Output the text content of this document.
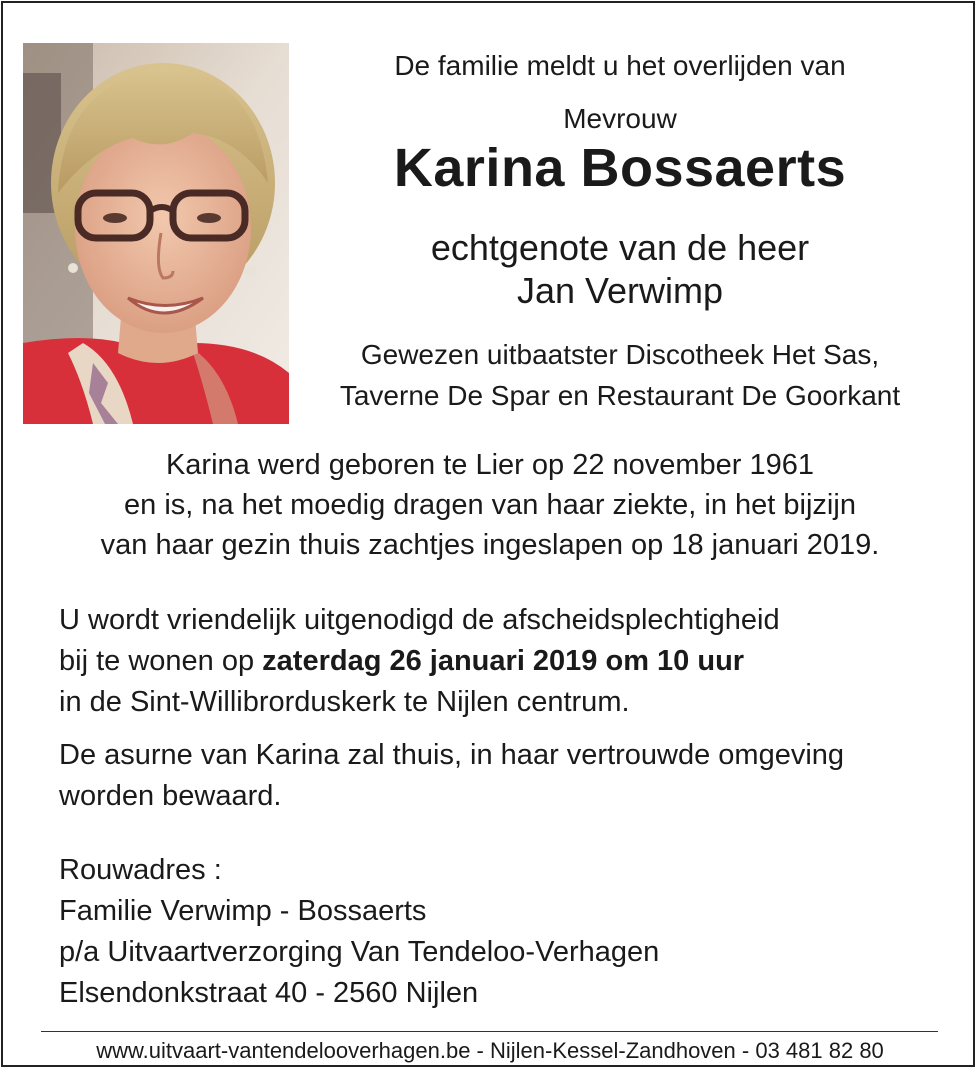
De familie meldt u het overlijden van
Mevrouw
Karina Bossaerts
echtgenote van de heer
Jan Verwimp
Gewezen uitbaatster Discotheek Het Sas,
Taverne De Spar en Restaurant De Goorkant
Karina werd geboren te Lier op 22 november 1961
en is, na het moedig dragen van haar ziekte, in het bijzijn
van haar gezin thuis zachtjes ingeslapen op 18 januari 2019.
U wordt vriendelijk uitgenodigd de afscheidsplechtigheid
bij te wonen op zaterdag 26 januari 2019 om 10 uur
in de Sint-Willibrorduskerk te Nijlen centrum.
De asurne van Karina zal thuis, in haar vertrouwde omgeving
worden bewaard.
Rouwadres :
Familie Verwimp - Bossaerts
p/a Uitvaartverzorging Van Tendeloo-Verhagen
Elsendonkstraat 40 - 2560 Nijlen
www.uitvaart-vantendelooverhagen.be - Nijlen-Kessel-Zandhoven - 03 481 82 80
